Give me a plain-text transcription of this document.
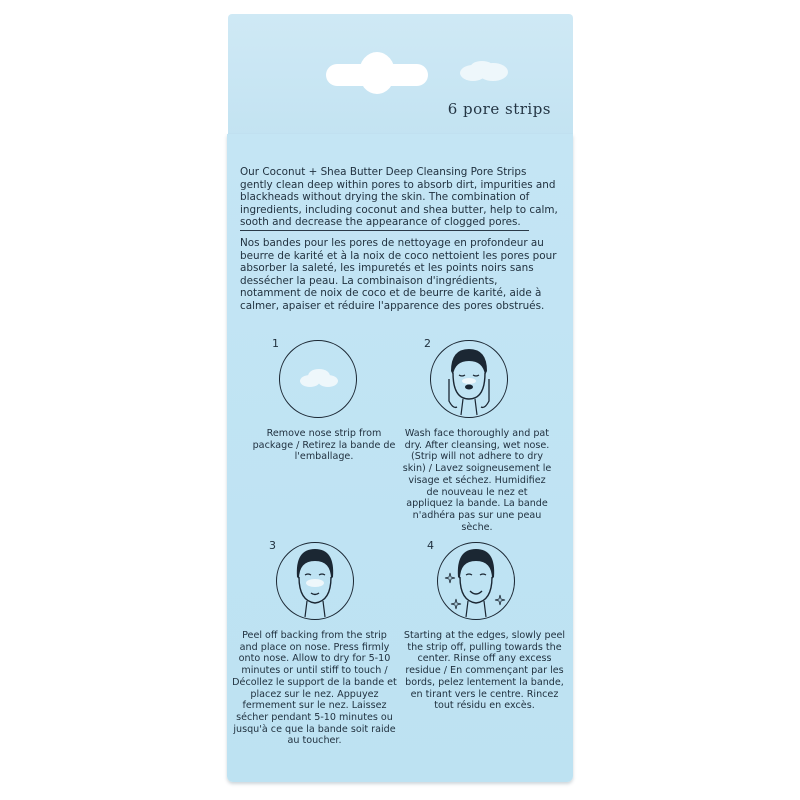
6 pore strips
Our Coconut + Shea Butter Deep Cleansing Pore Strips gently clean deep within pores to absorb dirt, impurities and blackheads without drying the skin. The combination of ingredients, including coconut and shea butter, help to calm, sooth and decrease the appearance of clogged pores.
Nos bandes pour les pores de nettoyage en profondeur au beurre de karité et à la noix de coco nettoient les pores pour absorber la saleté, les impuretés et les points noirs sans dessécher la peau. La combinaison d'ingrédients, notamment de noix de coco et de beurre de karité, aide à calmer, apaiser et réduire l'apparence des pores obstrués.
1
Remove nose strip from package / Retirez la bande de l'emballage.
2
Wash face thoroughly and pat dry. After cleansing, wet nose. (Strip will not adhere to dry skin) / Lavez soigneusement le visage et séchez. Humidifiez de nouveau le nez et appliquez la bande. La bande n'adhéra pas sur une peau sèche.
3
Peel off backing from the strip and place on nose. Press firmly onto nose. Allow to dry for 5-10 minutes or until stiff to touch / Décollez le support de la bande et placez sur le nez. Appuyez fermement sur le nez. Laissez sécher pendant 5-10 minutes ou jusqu'à ce que la bande soit raide au toucher.
4
Starting at the edges, slowly peel the strip off, pulling towards the center. Rinse off any excess residue / En commençant par les bords, pelez lentement la bande, en tirant vers le centre. Rincez tout résidu en excès.
